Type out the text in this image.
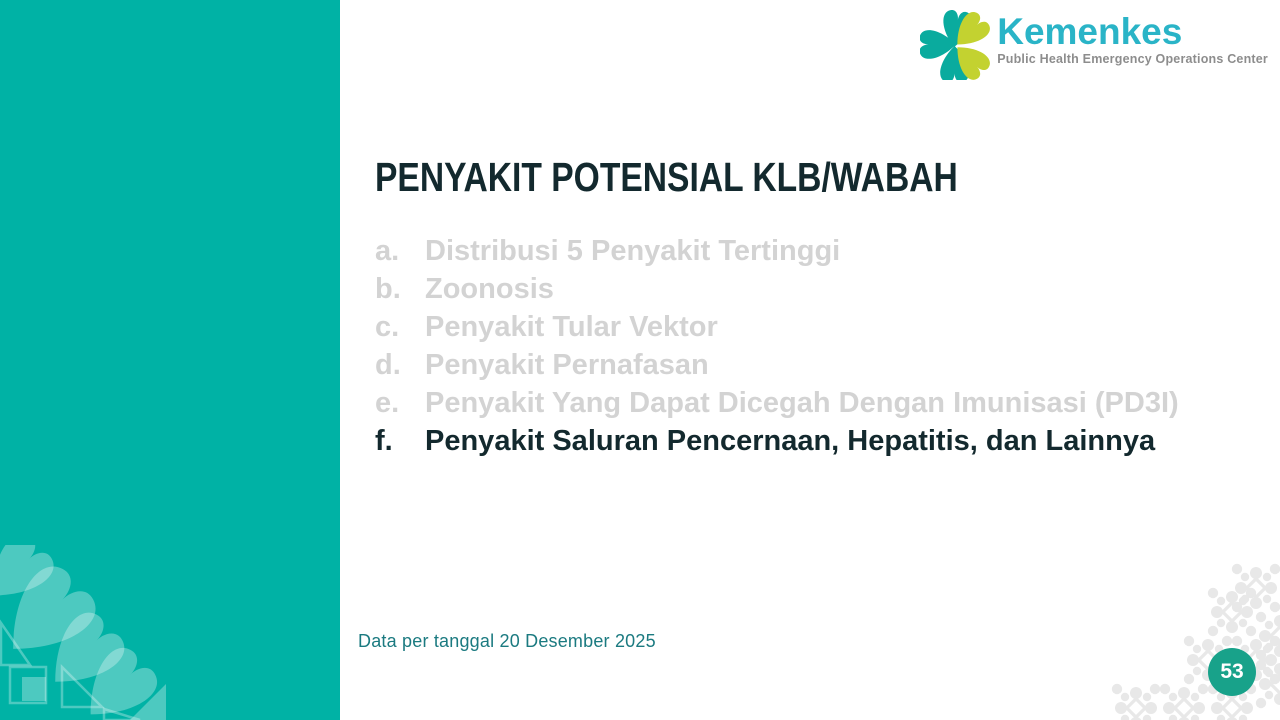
Kemenkes
Public Health Emergency Operations Center
PENYAKIT POTENSIAL KLB/WABAH
a. Distribusi 5 Penyakit Tertinggi
b. Zoonosis
c. Penyakit Tular Vektor
d. Penyakit Pernafasan
e. Penyakit Yang Dapat Dicegah Dengan Imunisasi (PD3I)
f.	Penyakit Saluran Pencernaan, Hepatitis, dan Lainnya
Data per tanggal 20 Desember 2025
53
